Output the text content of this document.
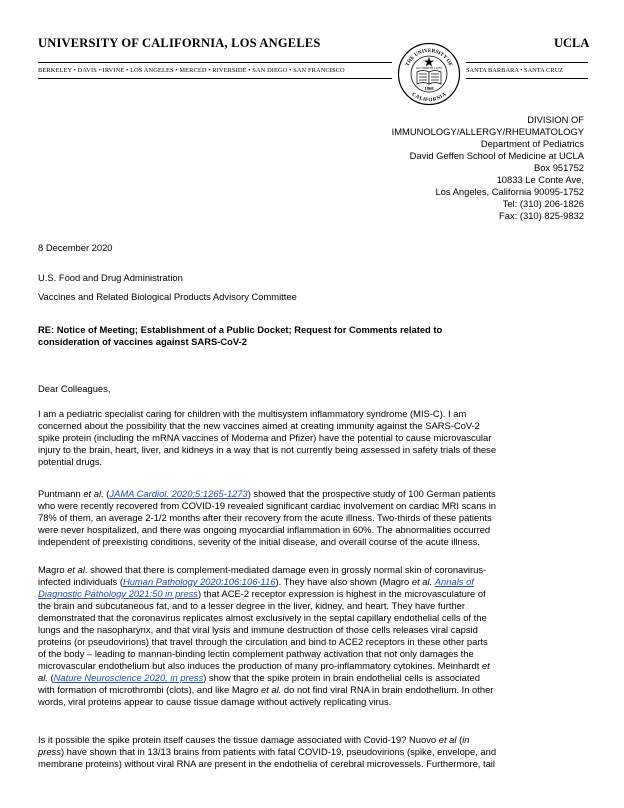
UNIVERSITY OF CALIFORNIA, LOS ANGELES	UCLA
BERKELEY • DAVIS • IRVINE • LOS ANGELES • MERCED • RIVERSIDE • SAN DIEGO • SAN FRANCISCO	SANTA BARBARA • SANTA CRUZ
THE UNIVERSITY OF
CALIFORNIA
1868
LET THERE BE LIGHT
DIVISION OF
IMMUNOLOGY/ALLERGY/RHEUMATOLOGY
Department of Pediatrics
David Geffen School of Medicine at UCLA
Box 951752
10833 Le Conte Ave,
Los Angeles, California 90095-1752
Tel: (310) 206-1826
Fax: (310) 825-9832
8 December 2020
U.S. Food and Drug Administration
Vaccines and Related Biological Products Advisory Committee
RE: Notice of Meeting; Establishment of a Public Docket; Request for Comments related to
consideration of vaccines against SARS-CoV-2
Dear Colleagues,
I am a pediatric specialist caring for children with the multisystem inflammatory syndrome (MIS-C). I am
concerned about the possibility that the new vaccines aimed at creating immunity against the SARS-CoV-2
spike protein (including the mRNA vaccines of Moderna and Pfizer) have the potential to cause microvascular
injury to the brain, heart, liver, and kidneys in a way that is not currently being assessed in safety trials of these
potential drugs.
Puntmann et al. (JAMA Cardiol. 2020;5:1265-1273) showed that the prospective study of 100 German patients
who were recently recovered from COVID-19 revealed significant cardiac involvement on cardiac MRI scans in
78% of them, an average 2-1/2 months after their recovery from the acute illness. Two-thirds of these patients
were never hospitalized, and there was ongoing myocardial inflammation in 60%. The abnormalities occurred
independent of preexisting conditions, severity of the initial disease, and overall course of the acute illness.
Magro et al. showed that there is complement-mediated damage even in grossly normal skin of coronavirus-
infected individuals (Human Pathology 2020:106:106-116). They have also shown (Magro et al. Annals of
Diagnostic Pathology 2021:50 in press) that ACE-2 receptor expression is highest in the microvasculature of
the brain and subcutaneous fat, and to a lesser degree in the liver, kidney, and heart. They have further
demonstrated that the coronavirus replicates almost exclusively in the septal capillary endothelial cells of the
lungs and the nasopharynx, and that viral lysis and immune destruction of those cells releases viral capsid
proteins (or pseudovirions) that travel through the circulation and bind to ACE2 receptors in these other parts
of the body – leading to mannan-binding lectin complement pathway activation that not only damages the
microvascular endothelium but also induces the production of many pro-inflammatory cytokines. Meinhardt et
al. (Nature Neuroscience 2020, in press) show that the spike protein in brain endothelial cells is associated
with formation of microthrombi (clots), and like Magro et al. do not find viral RNA in brain endothelium. In other
words, viral proteins appear to cause tissue damage without actively replicating virus.
Is it possible the spike protein itself causes the tissue damage associated with Covid-19? Nuovo et al (in
press) have shown that in 13/13 brains from patients with fatal COVID-19, pseudovirions (spike, envelope, and
membrane proteins) without viral RNA are present in the endothelia of cerebral microvessels. Furthermore, tail
